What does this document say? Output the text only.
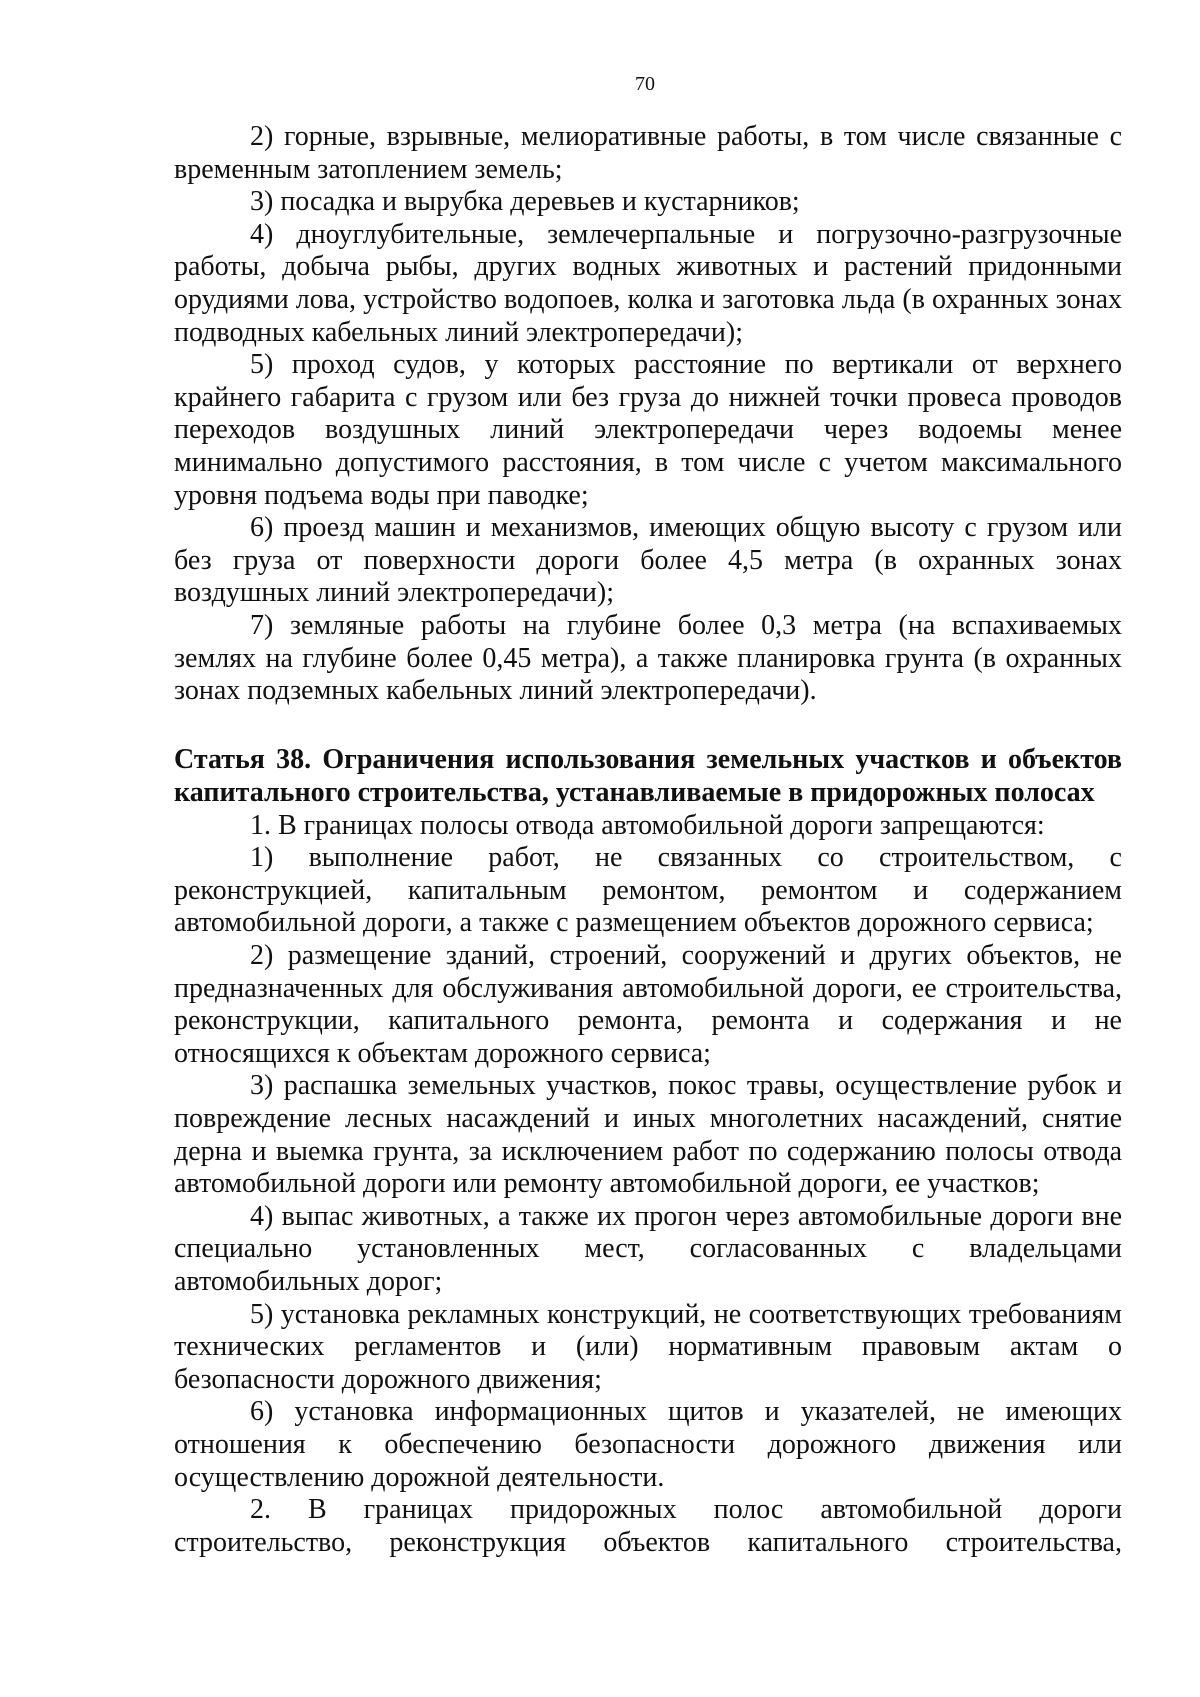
70

2) горные, взрывные, мелиоративные работы, в том числе связанные с временным затоплением земель;

3) посадка и вырубка деревьев и кустарников;

4) дноуглубительные, землечерпальные и погрузочно-разгрузочные работы, добыча рыбы, других водных животных и растений придонными орудиями лова, устройство водопоев, колка и заготовка льда (в охранных зонах подводных кабельных линий электропередачи);

5) проход судов, у которых расстояние по вертикали от верхнего крайнего габарита с грузом или без груза до нижней точки провеса проводов переходов воздушных линий электропередачи через водоемы менее минимально допустимого расстояния, в том числе с учетом максимального уровня подъема воды при паводке;

6) проезд машин и механизмов, имеющих общую высоту с грузом или без груза от поверхности дороги более 4,5 метра (в охранных зонах воздушных линий электропередачи);

7) земляные работы на глубине более 0,3 метра (на вспахиваемых землях на глубине более 0,45 метра), а также планировка грунта (в охранных зонах подземных кабельных линий электропередачи).

Статья 38. Ограничения использования земельных участков и объектов капитального строительства, устанавливаемые в придорожных полосах

1. В границах полосы отвода автомобильной дороги запрещаются:

1) выполнение работ, не связанных со строительством, с реконструкцией, капитальным ремонтом, ремонтом и содержанием автомобильной дороги, а также с размещением объектов дорожного сервиса;

2) размещение зданий, строений, сооружений и других объектов, не предназначенных для обслуживания автомобильной дороги, ее строительства, реконструкции, капитального ремонта, ремонта и содержания и не относящихся к объектам дорожного сервиса;

3) распашка земельных участков, покос травы, осуществление рубок и повреждение лесных насаждений и иных многолетних насаждений, снятие дерна и выемка грунта, за исключением работ по содержанию полосы отвода автомобильной дороги или ремонту автомобильной дороги, ее участков;

4) выпас животных, а также их прогон через автомобильные дороги вне специально установленных мест, согласованных с владельцами автомобильных дорог;

5) установка рекламных конструкций, не соответствующих требованиям технических регламентов и (или) нормативным правовым актам о безопасности дорожного движения;

6) установка информационных щитов и указателей, не имеющих отношения к обеспечению безопасности дорожного движения или осуществлению дорожной деятельности.

2. В границах придорожных полос автомобильной дороги строительство, реконструкция объектов капитального строительства,
